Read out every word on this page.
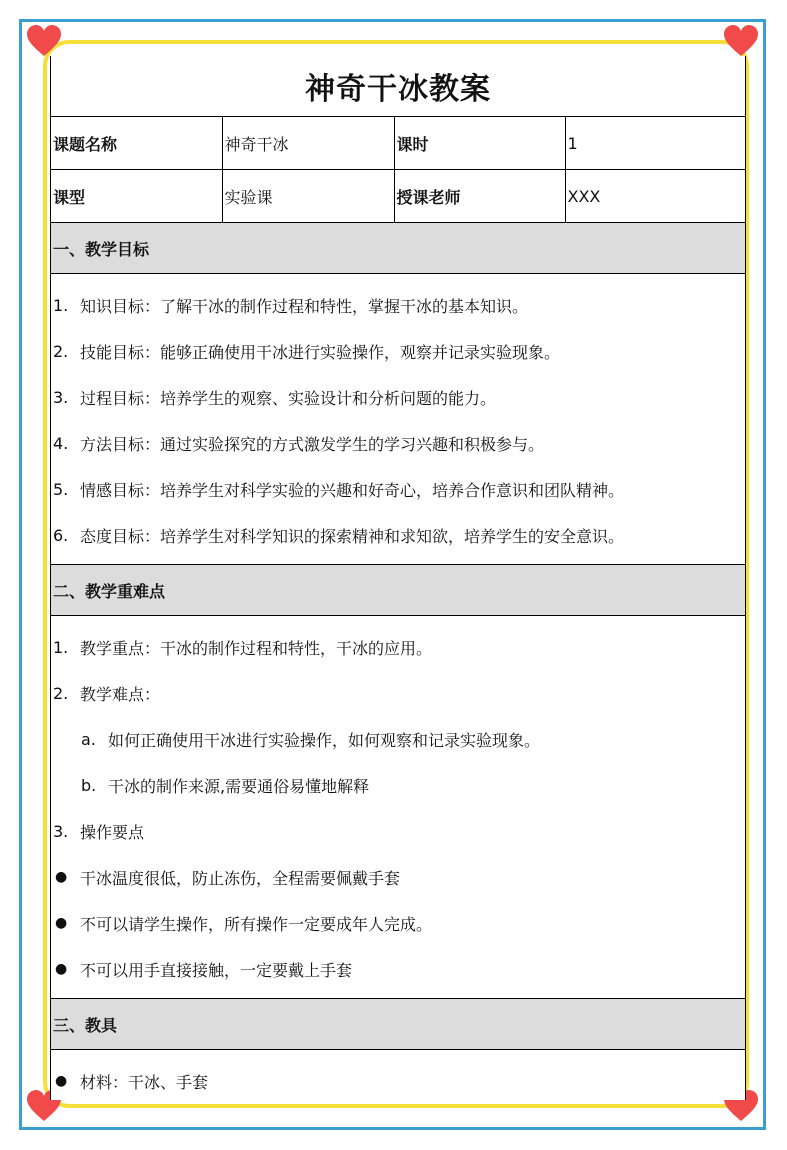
神奇干冰教案
课题名称	神奇干冰	课时	1
课型	实验课	授课老师	XXX
一、教学目标
1. 知识目标：了解干冰的制作过程和特性，掌握干冰的基本知识。
2. 技能目标：能够正确使用干冰进行实验操作，观察并记录实验现象。
3. 过程目标：培养学生的观察、实验设计和分析问题的能力。
4. 方法目标：通过实验探究的方式激发学生的学习兴趣和积极参与。
5. 情感目标：培养学生对科学实验的兴趣和好奇心，培养合作意识和团队精神。
6. 态度目标：培养学生对科学知识的探索精神和求知欲，培养学生的安全意识。
二、教学重难点
1. 教学重点：干冰的制作过程和特性，干冰的应用。
2. 教学难点：
a. 如何正确使用干冰进行实验操作，如何观察和记录实验现象。
b. 干冰的制作来源,需要通俗易懂地解释
3. 操作要点
● 干冰温度很低，防止冻伤，全程需要佩戴手套
● 不可以请学生操作，所有操作一定要成年人完成。
● 不可以用手直接接触，一定要戴上手套
三、教具
● 材料：干冰、手套
